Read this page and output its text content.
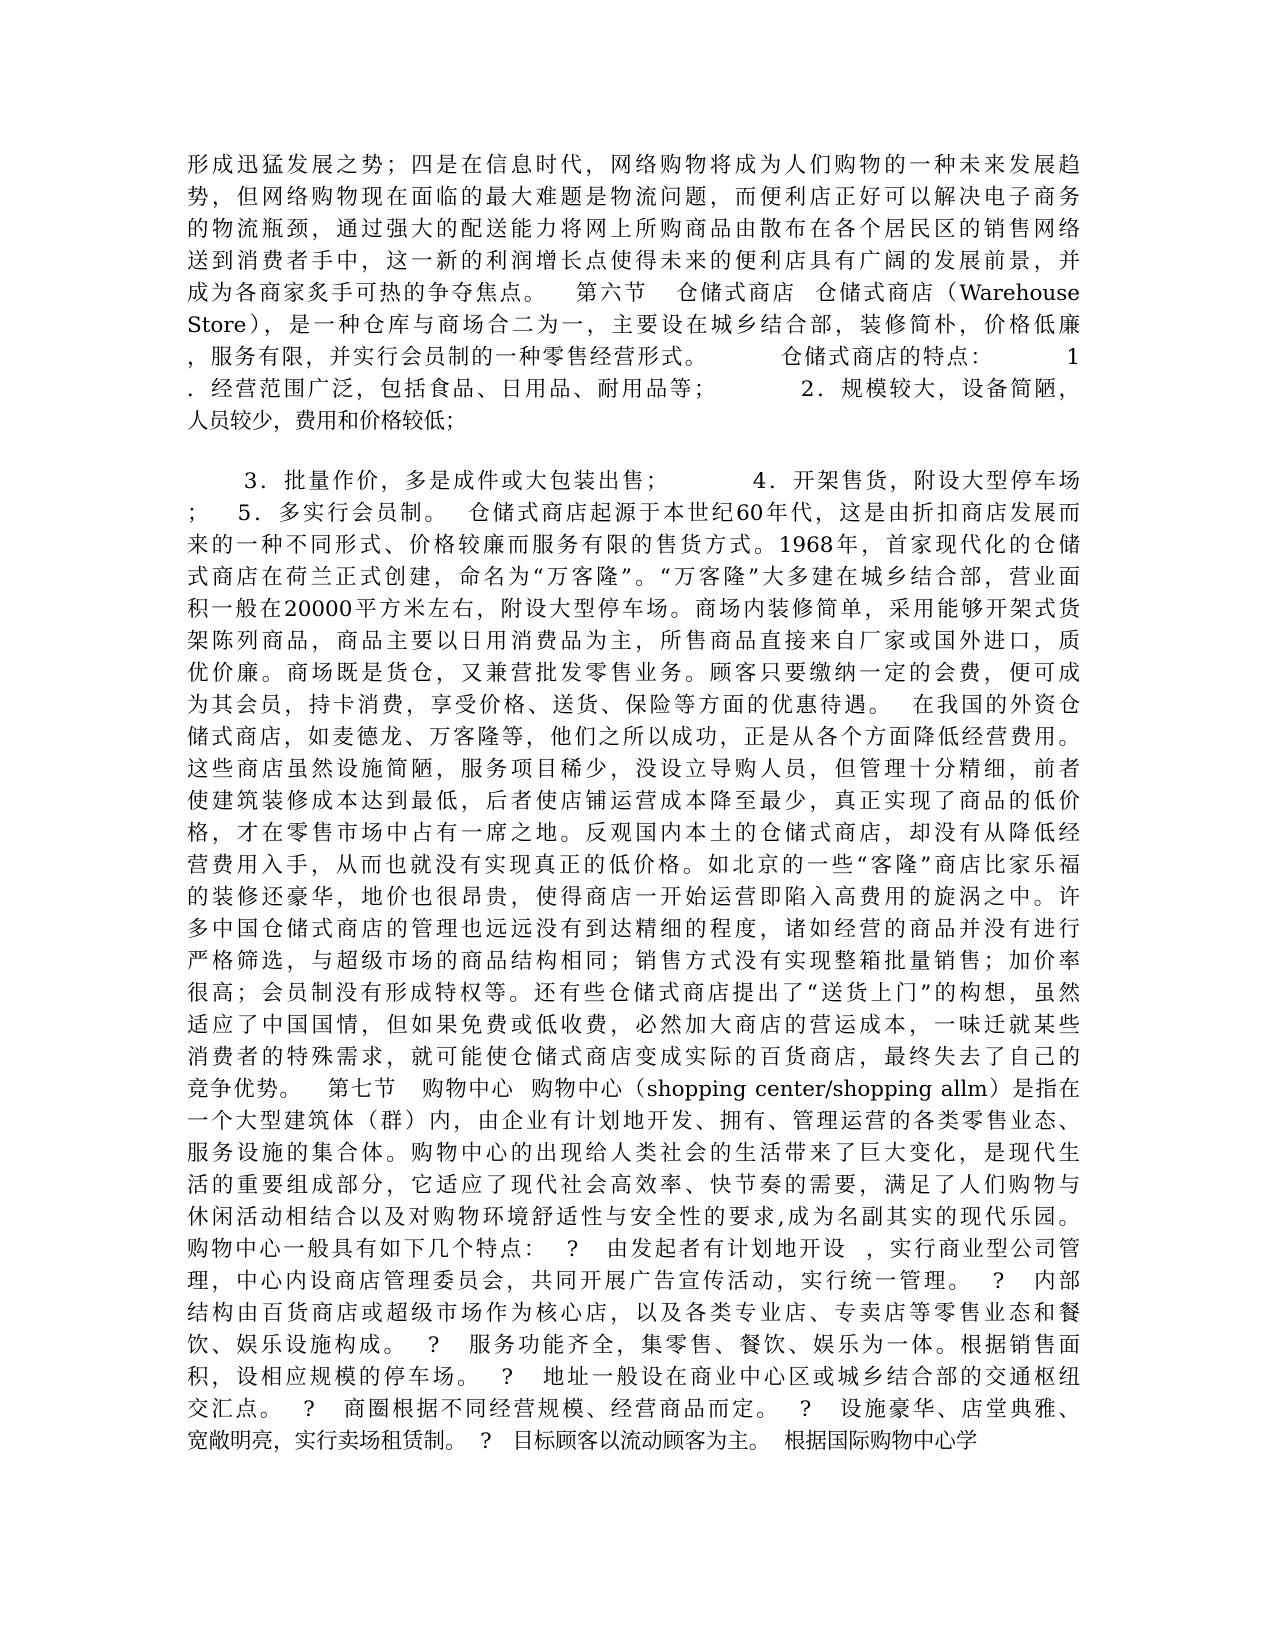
形成迅猛发展之势；四是在信息时代，网络购物将成为人们购物的一种未来发展趋
势，但网络购物现在面临的最大难题是物流问题，而便利店正好可以解决电子商务
的物流瓶颈，通过强大的配送能力将网上所购商品由散布在各个居民区的销售网络
送到消费者手中，这一新的利润增长点使得未来的便利店具有广阔的发展前景，并
成为各商家炙手可热的争夺焦点。   第六节   仓储式商店  仓储式商店（Warehouse
Store），是一种仓库与商场合二为一，主要设在城乡结合部，装修简朴，价格低廉
，服务有限，并实行会员制的一种零售经营形式。        仓储式商店的特点：        1
．经营范围广泛，包括食品、日用品、耐用品等；         2．规模较大，设备简陋，
人员较少，费用和价格较低；
3．批量作价，多是成件或大包装出售；         4．开架售货，附设大型停车场
；   5．多实行会员制。  仓储式商店起源于本世纪60年代，这是由折扣商店发展而
来的一种不同形式、价格较廉而服务有限的售货方式。1968年，首家现代化的仓储
式商店在荷兰正式创建，命名为“万客隆”。“万客隆”大多建在城乡结合部，营业面
积一般在20000平方米左右，附设大型停车场。商场内装修简单，采用能够开架式货
架陈列商品，商品主要以日用消费品为主，所售商品直接来自厂家或国外进口，质
优价廉。商场既是货仓，又兼营批发零售业务。顾客只要缴纳一定的会费，便可成
为其会员，持卡消费，享受价格、送货、保险等方面的优惠待遇。  在我国的外资仓
储式商店，如麦德龙、万客隆等，他们之所以成功，正是从各个方面降低经营费用。
这些商店虽然设施简陋，服务项目稀少，没设立导购人员，但管理十分精细，前者
使建筑装修成本达到最低，后者使店铺运营成本降至最少，真正实现了商品的低价
格，才在零售市场中占有一席之地。反观国内本土的仓储式商店，却没有从降低经
营费用入手，从而也就没有实现真正的低价格。如北京的一些“客隆”商店比家乐福
的装修还豪华，地价也很昂贵，使得商店一开始运营即陷入高费用的旋涡之中。许
多中国仓储式商店的管理也远远没有到达精细的程度，诸如经营的商品并没有进行
严格筛选，与超级市场的商品结构相同；销售方式没有实现整箱批量销售；加价率
很高；会员制没有形成特权等。还有些仓储式商店提出了“送货上门”的构想，虽然
适应了中国国情，但如果免费或低收费，必然加大商店的营运成本，一味迁就某些
消费者的特殊需求，就可能使仓储式商店变成实际的百货商店，最终失去了自己的
竞争优势。   第七节   购物中心  购物中心（shopping center/shopping allm）是指在
一个大型建筑体（群）内，由企业有计划地开发、拥有、管理运营的各类零售业态、
服务设施的集合体。购物中心的出现给人类社会的生活带来了巨大变化，是现代生
活的重要组成部分，它适应了现代社会高效率、快节奏的需要，满足了人们购物与
休闲活动相结合以及对购物环境舒适性与安全性的要求,成为名副其实的现代乐园。
购物中心一般具有如下几个特点：  ?   由发起者有计划地开设  ，实行商业型公司管
理，中心内设商店管理委员会，共同开展广告宣传活动，实行统一管理。  ?   内部
结构由百货商店或超级市场作为核心店，以及各类专业店、专卖店等零售业态和餐
饮、娱乐设施构成。  ?   服务功能齐全，集零售、餐饮、娱乐为一体。根据销售面
积，设相应规模的停车场。  ?   地址一般设在商业中心区或城乡结合部的交通枢纽
交汇点。  ?   商圈根据不同经营规模、经营商品而定。  ?   设施豪华、店堂典雅、
宽敞明亮，实行卖场租赁制。  ?   目标顾客以流动顾客为主。  根据国际购物中心学
